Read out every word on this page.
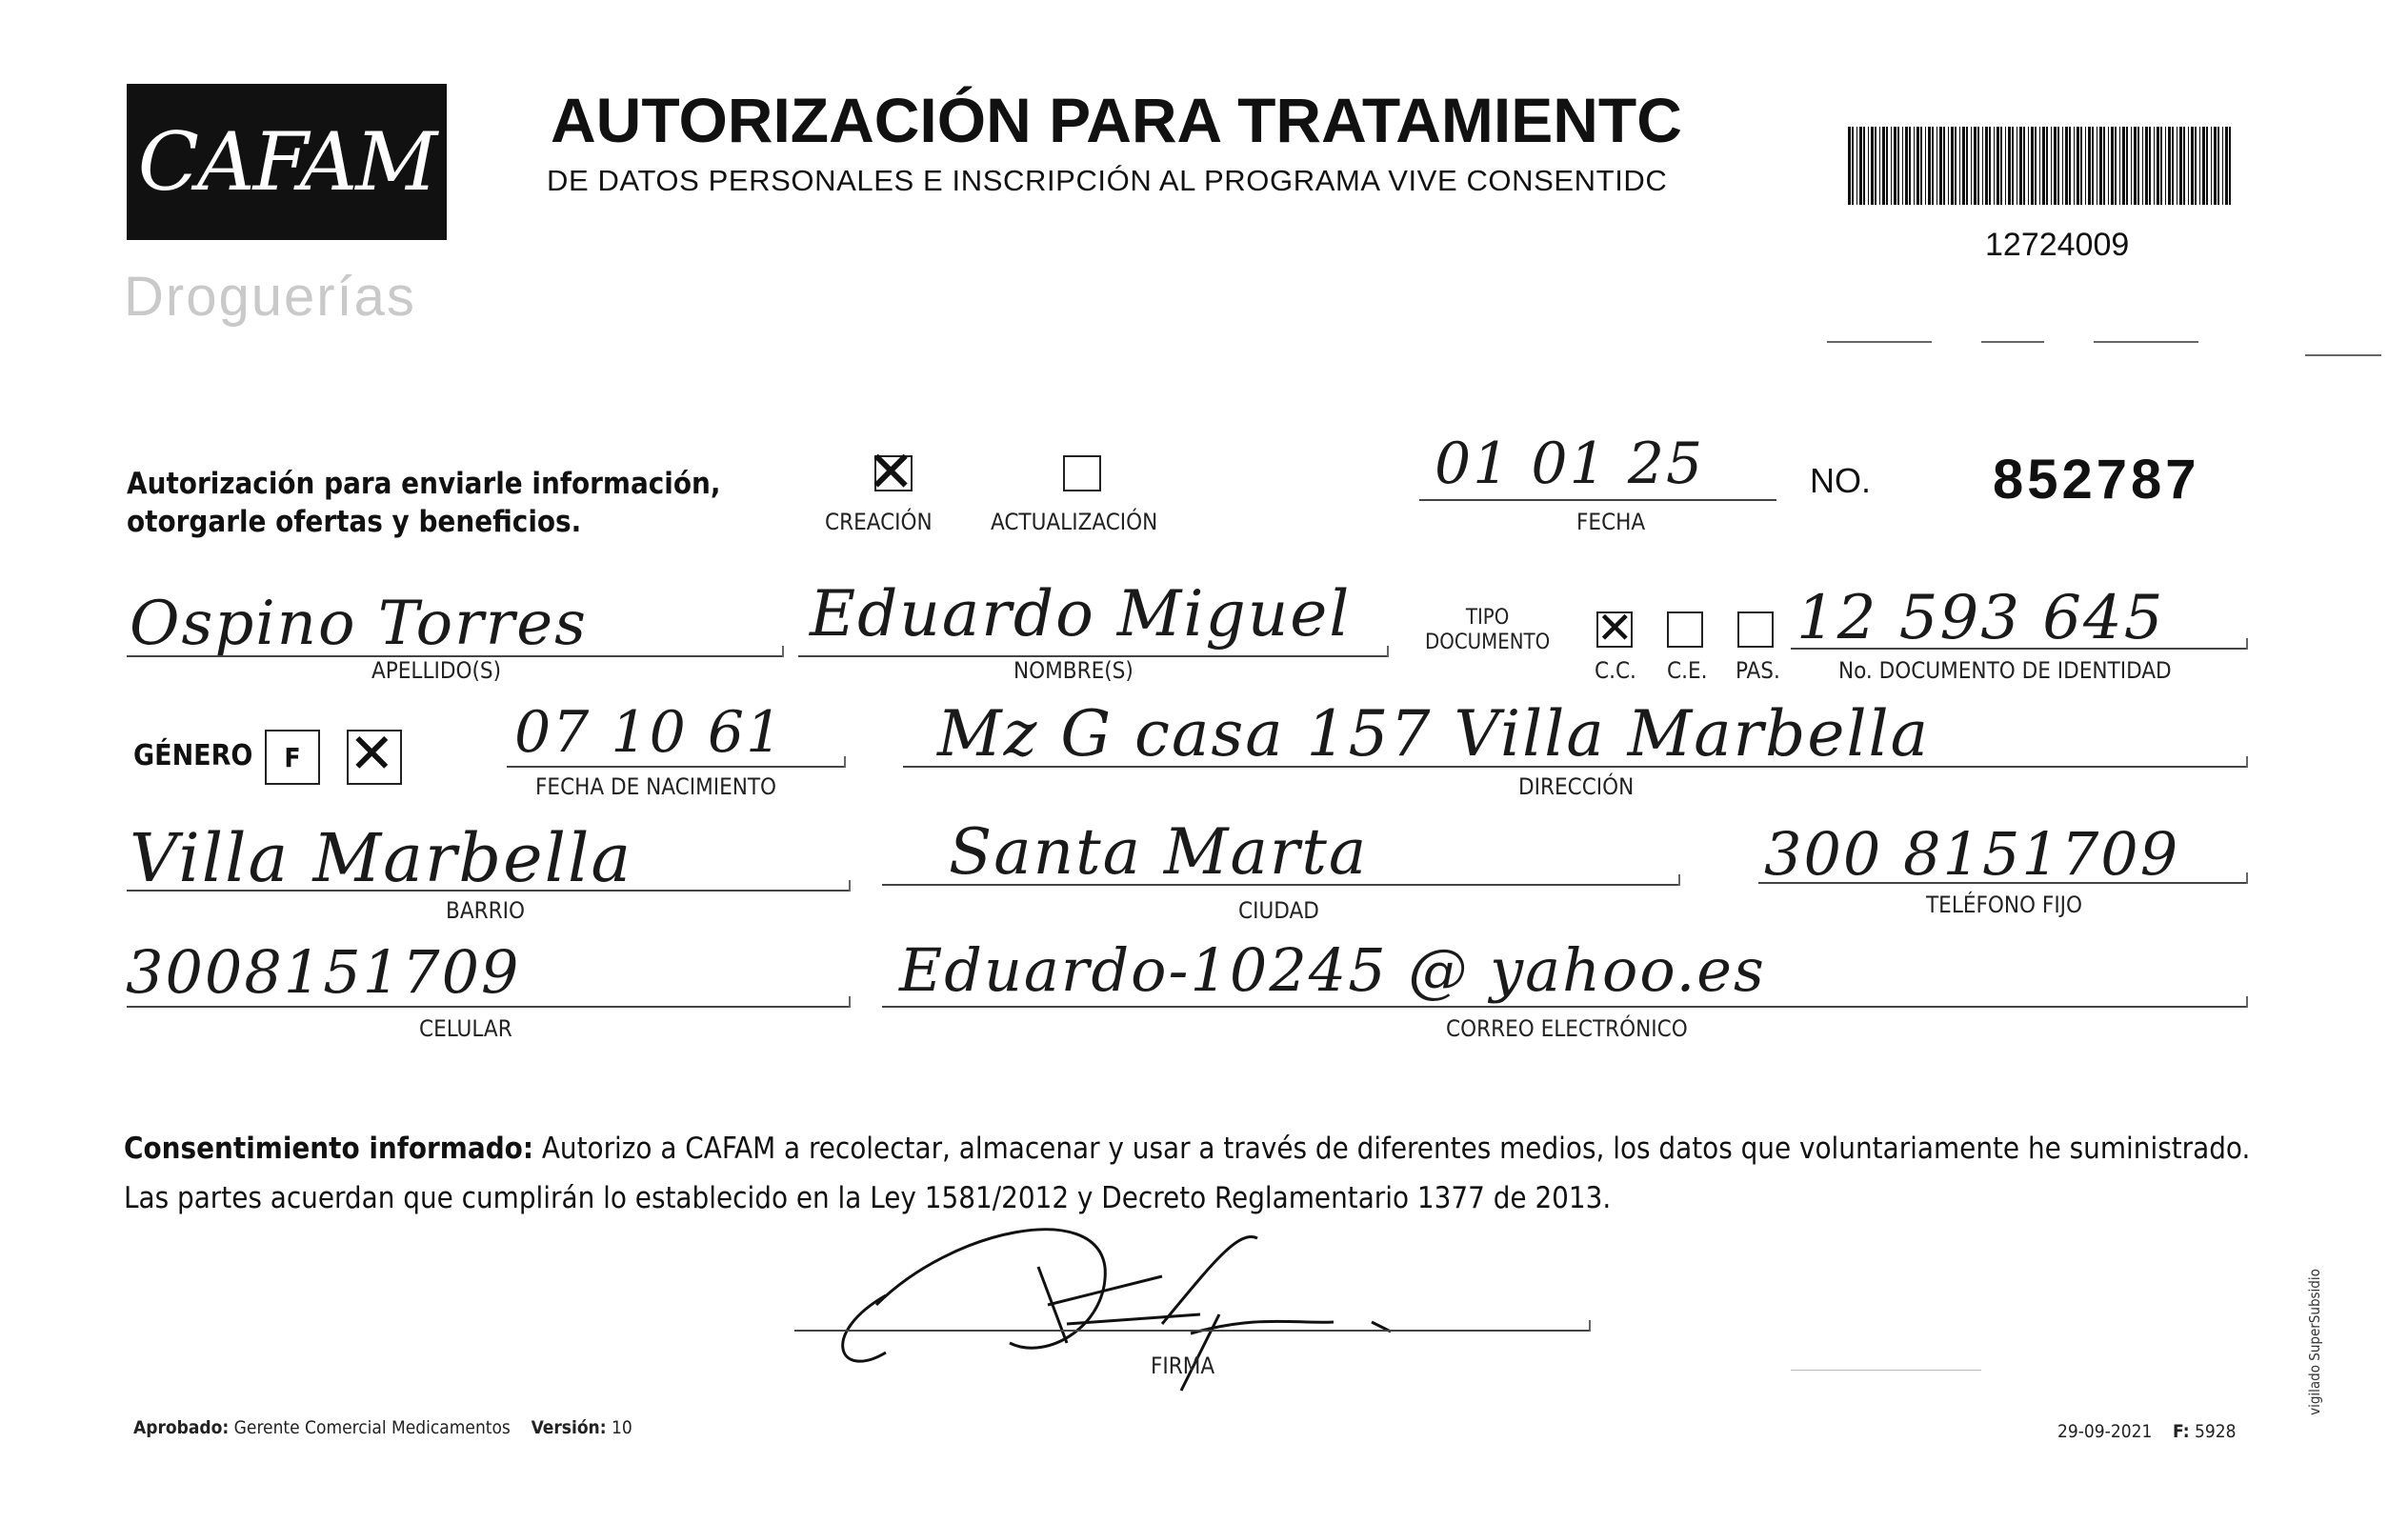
CAFAM
Droguerías
AUTORIZACIÓN PARA TRATAMIENTC
DE DATOS PERSONALES E INSCRIPCIÓN AL PROGRAMA VIVE CONSENTIDC
12724009
Autorización para enviarle información,
otorgarle ofertas y beneficios.
✕
CREACIÓN	ACTUALIZACIÓN
01 01 25
FECHA
NO. 852787
Ospino Torres
APELLIDO(S)
Eduardo Miguel
NOMBRE(S)
TIPO
DOCUMENTO ✕
C.C. C.E. PAS.
12 593 645
No. DOCUMENTO DE IDENTIDAD
GÉNERO F ✕ 07 10 61
FECHA DE NACIMIENTO
Mz G casa 157 Villa Marbella
DIRECCIÓN
Villa Marbella
BARRIO
Santa Marta
CIUDAD
300 8151709
TELÉFONO FIJO
3008151709
CELULAR
Eduardo-10245 @ yahoo.es
CORREO ELECTRÓNICO
Consentimiento informado: Autorizo a CAFAM a recolectar, almacenar y usar a través de diferentes medios, los datos que voluntariamente he suministrado.
Las partes acuerdan que cumplirán lo establecido en la Ley 1581/2012 y Decreto Reglamentario 1377 de 2013.
FIRMA
Aprobado: Gerente Comercial Medicamentos Versión: 10	29-09-2021 F: 5928
vigilado SuperSubsidio
